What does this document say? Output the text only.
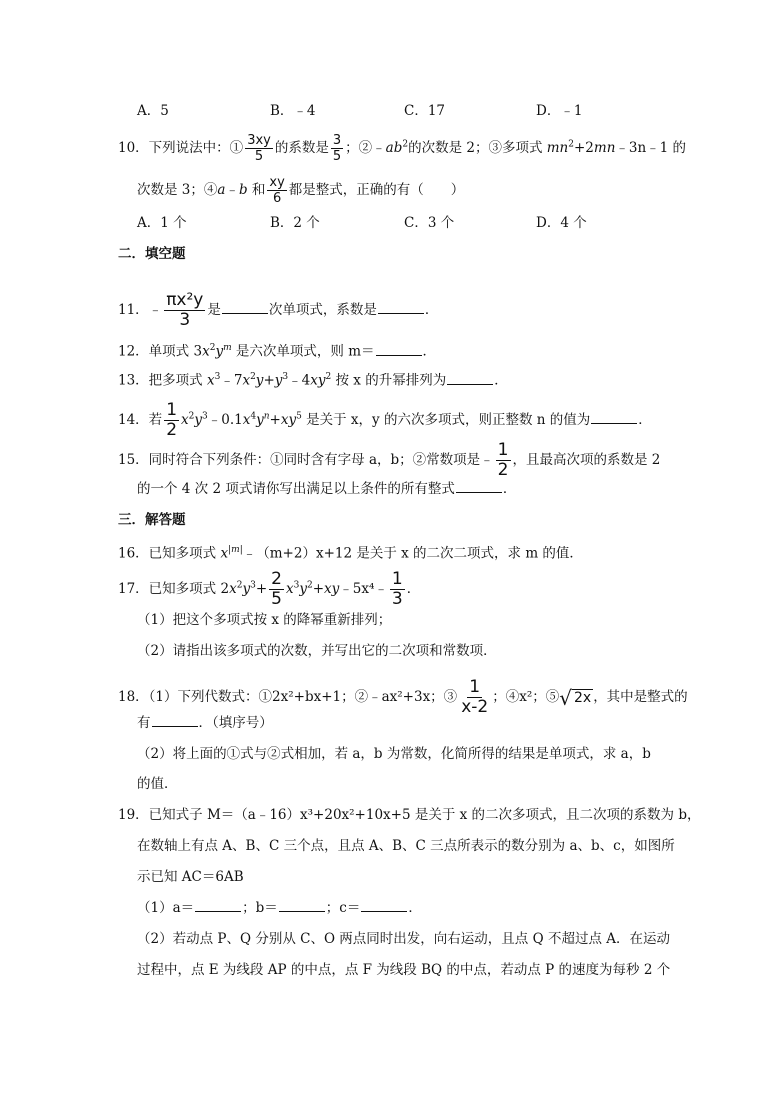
A．5	B．﹣4	C．17	D．﹣1
10．下列说法中：① $\frac{3xy}{5}$ 的系数是 $\frac{3}{5}$ ；$②﹣ab^2$的次数是 2；③多项式 $mn^2+2mn﹣3n﹣1$ 的
次数是 3；④a﹣b 和 $\frac{xy}{6}$ 都是整式，正确的有（　　）
A．1 个	B．2 个	C．3 个	D．4 个
二．填空题
11．﹣ $\frac{\text{πx²y}}{3}$ 是	次单项式，系数是	．
12．单项式 $3x^2y^m$ 是六次单项式，则 m＝	．
13．把多项式 $x^3﹣7x^2y+y^3﹣4xy^2$ 按 x 的升幂排列为	．
14．若 $\frac{1}{2}$ $x^2y^3﹣0.1x^4y^n+xy^5$ 是关于 x，y 的六次多项式，则正整数 n 的值为	．
15．同时符合下列条件：①同时含有字母 a，b；②常数项是﹣ $\frac{1}{2}$ ，且最高次项的系数是 2
的一个 4 次 2 项式请你写出满足以上条件的所有整式	．
三．解答题
16．已知多项式 $x^{|m|}﹣(m+2)x+12$ 是关于 x 的二次二项式，求 m 的值．
17．已知多项式 $2x^2y^3+ \frac{2}{5}$ $x^3y^2+xy﹣5x^4﹣ \frac{1}{3}$ ．
（1）把这个多项式按 x 的降幂重新排列；
（2）请指出该多项式的次数，并写出它的二次项和常数项．
18．（1）下列代数式：①2x²+bx+1；②﹣ax²+3x；③ $\frac{1}{x-2}$ ；④x²；⑤ √ 2x ，其中是整式的
有	．（填序号）
（2）将上面的①式与②式相加，若 a，b 为常数，化简所得的结果是单项式，求 a，b
的值．
19．已知式子 M＝（a﹣16）x³+20x²+10x+5 是关于 x 的二次多项式，且二次项的系数为 b，
在数轴上有点 A、B、C 三个点，且点 A、B、C 三点所表示的数分别为 a、b、c，如图所
示已知 AC＝6AB
（1）a＝	；b＝	；c＝	．
（2）若动点 P、Q 分别从 C、O 两点同时出发，向右运动，且点 Q 不超过点 A．在运动
过程中，点 E 为线段 AP 的中点，点 F 为线段 BQ 的中点，若动点 P 的速度为每秒 2 个
